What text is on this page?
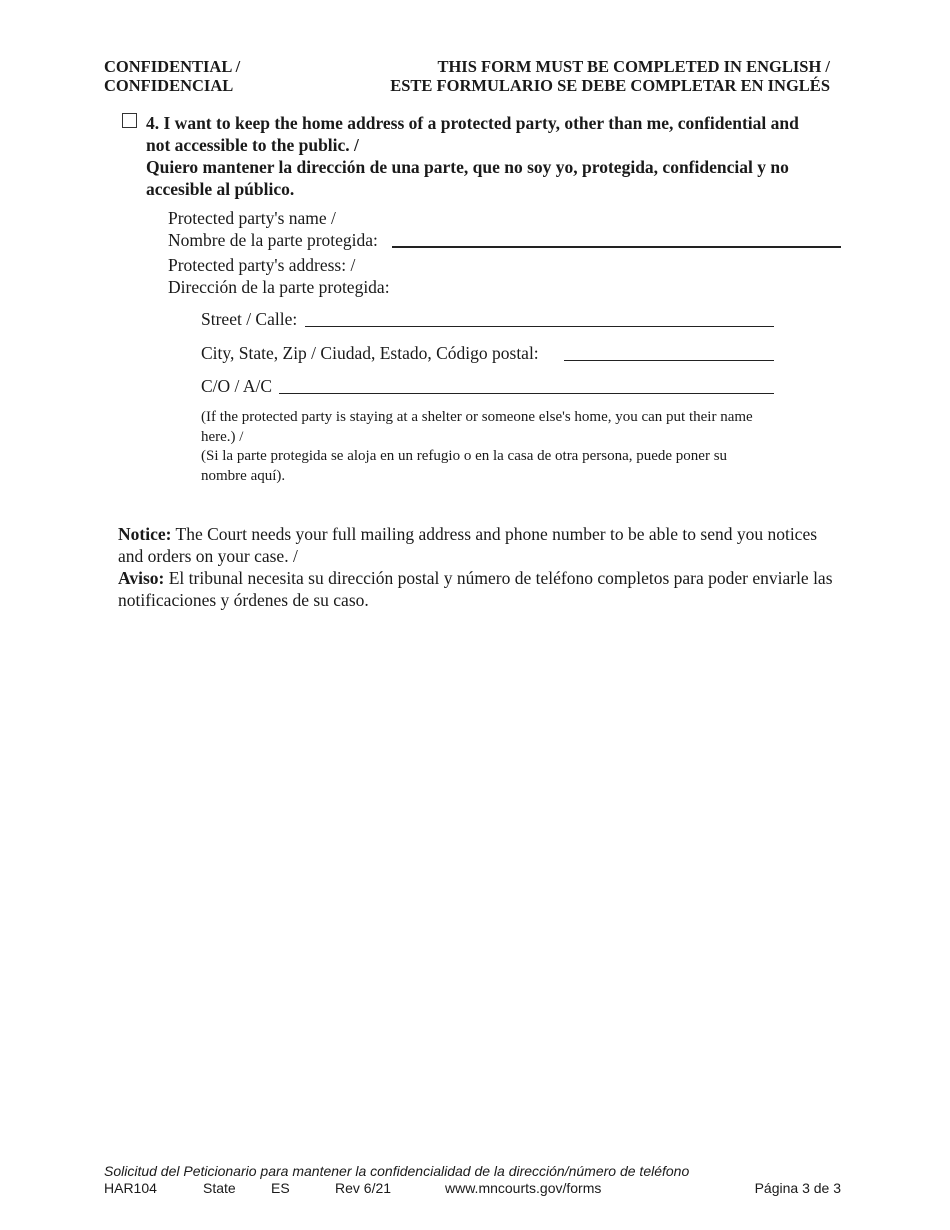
CONFIDENTIAL /
CONFIDENCIAL
THIS FORM MUST BE COMPLETED IN ENGLISH /
ESTE FORMULARIO SE DEBE COMPLETAR EN INGLÉS
4. I want to keep the home address of a protected party, other than me, confidential and not accessible to the public. /
Quiero mantener la dirección de una parte, que no soy yo, protegida, confidencial y no accesible al público.
Protected party's name /
Nombre de la parte protegida:
Protected party's address: /
Dirección de la parte protegida:
Street / Calle:
City, State, Zip / Ciudad, Estado, Código postal:
C/O / A/C
(If the protected party is staying at a shelter or someone else's home, you can put their name here.) /
(Si la parte protegida se aloja en un refugio o en la casa de otra persona, puede poner su nombre aquí).
Notice: The Court needs your full mailing address and phone number to be able to send you notices and orders on your case. /
Aviso: El tribunal necesita su dirección postal y número de teléfono completos para poder enviarle las notificaciones y órdenes de su caso.
Solicitud del Peticionario para mantener la confidencialidad de la dirección/número de teléfono
HAR104	State	ES	Rev 6/21	www.mncourts.gov/forms	Página 3 de 3
